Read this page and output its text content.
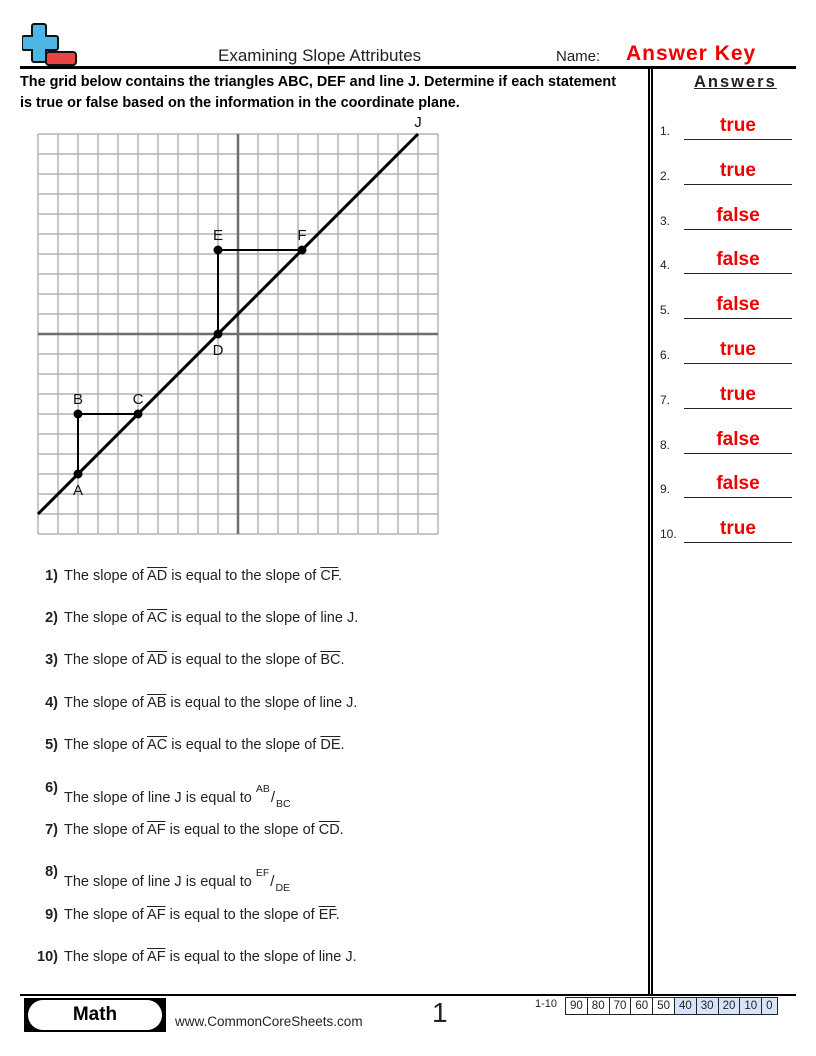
Examining Slope Attributes	Name: Answer Key
The grid below contains the triangles ABC, DEF and line J. Determine if each statement is true or false based on the information in the coordinate plane.
Answers
1.	true
2.	true
3.	false
4.	false
5.	false
6.	true
7.	true
8.	false
9.	false
10.	true
A
B	C
D
E	F
J
1) The slope of $\overline{AD}$ is equal to the slope of $\overline{CF}$.
2) The slope of $\overline{AC}$ is equal to the slope of line J.
3) The slope of $\overline{AD}$ is equal to the slope of $\overline{BC}$.
4) The slope of $\overline{AB}$ is equal to the slope of line J.
5) The slope of $\overline{AC}$ is equal to the slope of $\overline{DE}$.
6)The slope of line J is equal to $^{AB}/_{BC}$
7) The slope of $\overline{AF}$ is equal to the slope of $\overline{CD}$.
8)The slope of line J is equal to $^{EF}/_{DE}$
9) The slope of $\overline{AF}$ is equal to the slope of $\overline{EF}$.
10) The slope of $\overline{AF}$ is equal to the slope of line J.
Math	www.CommonCoreSheets.com 1	1-10 90	80	70	60	50	40	30	20	10	0
